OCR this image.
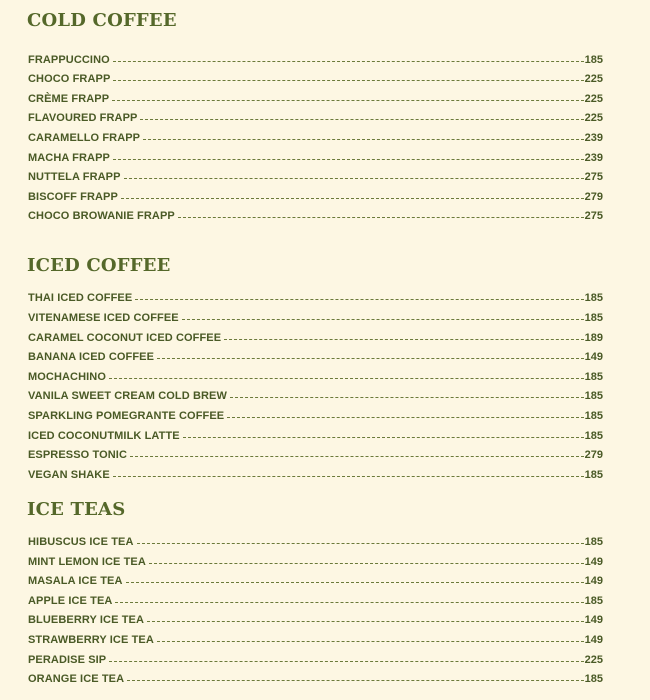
COLD COFFEE
FRAPPUCCINO	185
CHOCO FRAPP	225
CRÈME FRAPP	225
FLAVOURED FRAPP	225
CARAMELLO FRAPP	239
MACHA FRAPP	239
NUTTELA FRAPP	275
BISCOFF FRAPP	279
CHOCO BROWANIE FRAPP	275
ICED COFFEE
THAI ICED COFFEE	185
VITENAMESE ICED COFFEE	185
CARAMEL COCONUT ICED COFFEE	189
BANANA ICED COFFEE	149
MOCHACHINO	185
VANILA SWEET CREAM COLD BREW	185
SPARKLING POMEGRANTE COFFEE	185
ICED COCONUTMILK LATTE	185
ESPRESSO TONIC	279
VEGAN SHAKE	185
ICE TEAS
HIBUSCUS ICE TEA	185
MINT LEMON ICE TEA	149
MASALA ICE TEA	149
APPLE ICE TEA	185
BLUEBERRY ICE TEA	149
STRAWBERRY ICE TEA	149
PERADISE SIP	225
ORANGE ICE TEA	185
